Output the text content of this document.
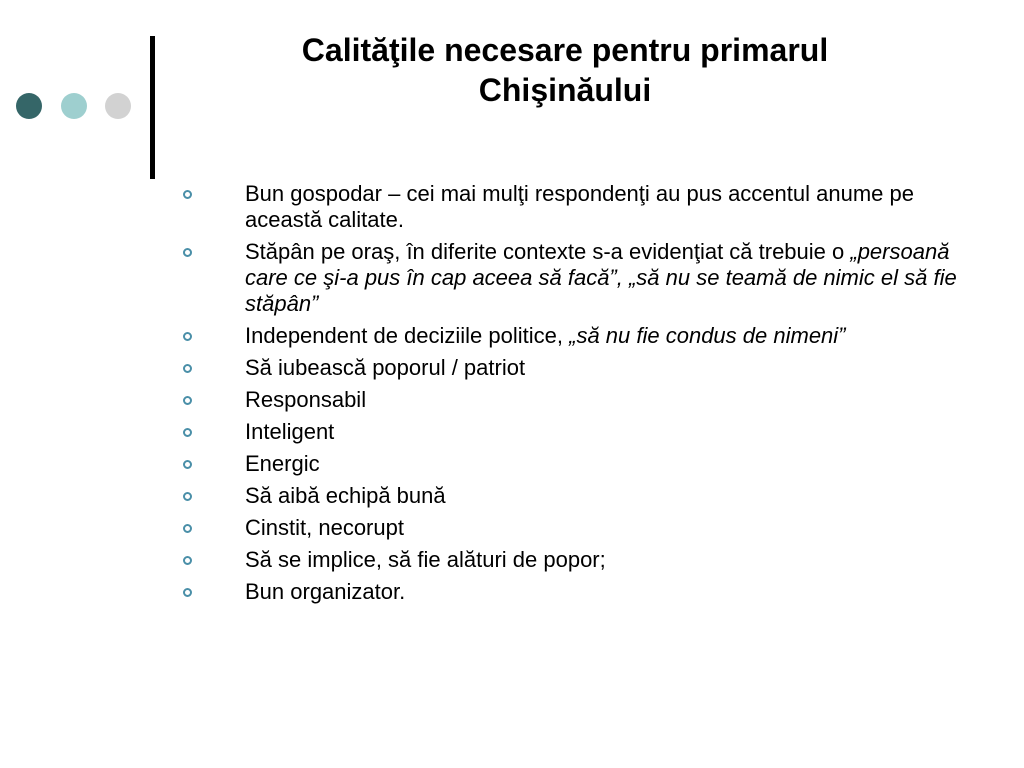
Calităţile necesare pentru primarul
Chişinăului
Bun gospodar – cei mai mulţi respondenţi au pus accentul anume pe această calitate.
Stăpân pe oraş, în diferite contexte s-a evidenţiat că trebuie o „persoană care ce şi-a pus în cap aceea să facă”, „să nu se teamă de nimic el să fie stăpân”
Independent de deciziile politice, „să nu fie condus de nimeni”
Să iubească poporul / patriot
Responsabil
Inteligent
Energic
Să aibă echipă bună
Cinstit, necorupt
Să se implice, să fie alături de popor;
Bun organizator.
